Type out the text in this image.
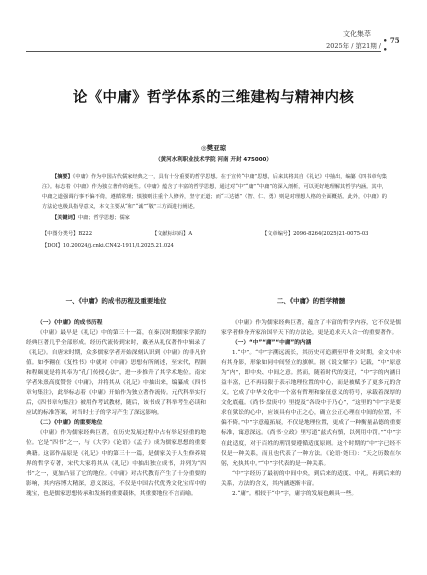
文化集萃
2025年 / 第21期 /
• 75 •
论《中庸》哲学体系的三维建构与精神内核
◎樊亚琼
（黄河水利职业技术学院 河南 开封 475000）
【摘要】《中庸》作为中国古代儒家经典之一，具有十分重要的哲学思想。在于宣传“中庸”思想，后来其将其自《礼记》中抽出，编纂《四书章句集注》。标志着《中庸》作为独立著作的诞生。《中庸》蕴含了丰富的哲学思想，通过对“中”“庸”“中庸”的深入剖析，可以更好地理解其哲学内涵。其中，中庸之道强调行事不偏不倚，遵循常理；慎独则注重个人修养，坚守正道；而“三达德”（智、仁、勇）则是对理想人格的全面概括。此外，《中庸》的方法论也极具指导意义，本文主要从“和”“诚”“敬”三方面进行阐述。
【关键词】中庸；哲学思想；儒家
【中图分类号】B222	【文献标识码】A	【文章编号】2096-8264(2025)21-0075-03
【DOI】10.20024/j.cnki.CN42-1911/I.2025.21.024
一、《中庸》的成书历程及重要地位
（一）《中庸》的成书历程

《中庸》最早是《礼记》中的第三十一篇，在秦汉时期儒家学派的经典巨著几乎全部形成。经历代流传到宋时，戴圣从礼仪著作中辑录了《礼记》。自唐宋时期，众多儒家学者开始深刻认识到《中庸》的非凡价值。如李翱在《复性书》中就对《中庸》思想有所阐述，至宋代，程颢和程颐更是将其奉为“孔门传授心法”，进一步推升了其学术地位。南宋学者朱熹高度赞誉《中庸》，并将其从《礼记》中抽出来，编纂成《四书章句集注》，此举标志着《中庸》开始作为独立著作流传。元代科举实行后，《四书章句集注》被用作考试教材，随后，该书成了科举考生必读和应试的标准答案，对当时士子的学习产生了深远影响。

（二）《中庸》的重要地位

《中庸》作为儒家经典巨著，在历史发展过程中占有举足轻重的地位。它是“四书”之一，与《大学》《论语》《孟子》成为儒家思想的重要典籍。这部作品原是《礼记》中的第三十一篇，是儒家关于人生修养境界的哲学专著，宋代大家将其从《礼记》中抽出独立成书，并列为“四书”之一，更加凸显了它的地位。《中庸》对古代教育产生了十分重要的影响，其内容博大精深，意义深远，不仅是中国古代优秀文化宝库中的瑰宝，也是儒家思想传承和发扬的重要载体，其重要地位不言而喻。

二、《中庸》的哲学精髓

《中庸》作为儒家经典巨著，蕴含了丰富的哲学内容，它不仅是儒家学者修身齐家治国平天下的方法论，更是追求天人合一的重要著作。

（一）“中”“庸”“中庸”的内涵

1.“中”。“中”字溯远流长，其历史可追溯至甲骨文时期，金文中亦有其身影，形象如同中间竖立的旗帜。据《说文解字》记载，“中”原意为“内”，即中央、中间之意。然而，随着时代的变迁，“中”字的内涵日益丰富，已不再局限于表示地理位置的中心，而是被赋予了更多元的含义。它成了中华文化中一个富有哲理和象征意义的符号，承载着深厚的文化底蕴。《尚书·盘庚中》里提及“各设中于乃心”，“这里的“中”字是要求在狱讼的心中，应该具有中正之心，确立公正心理在中间的位置，不偏不倚。”中”字意蕴拓展，不仅是地理位置，更成了一种衡量品德的重要标准，寓意深远。《尚书·立政》里写道“兹式有慎，以列用中罚。”“中”字在此适度，对于百姓的刑罚要遵循适度原则。这个时期的“中”字已经不仅是一种关系，而且也代表了一种方法。《论语·尧曰》：“天之历数在尔躬，允执其中。”“中”字代表的是一种关系。

“中”字经历了最初的中间中央，到后来的适度、中礼，再到后来的关系，方法的含义，其内涵逐渐丰富。

2.“庸”。相较于“中”字，庸字的发展也颇具一些。
